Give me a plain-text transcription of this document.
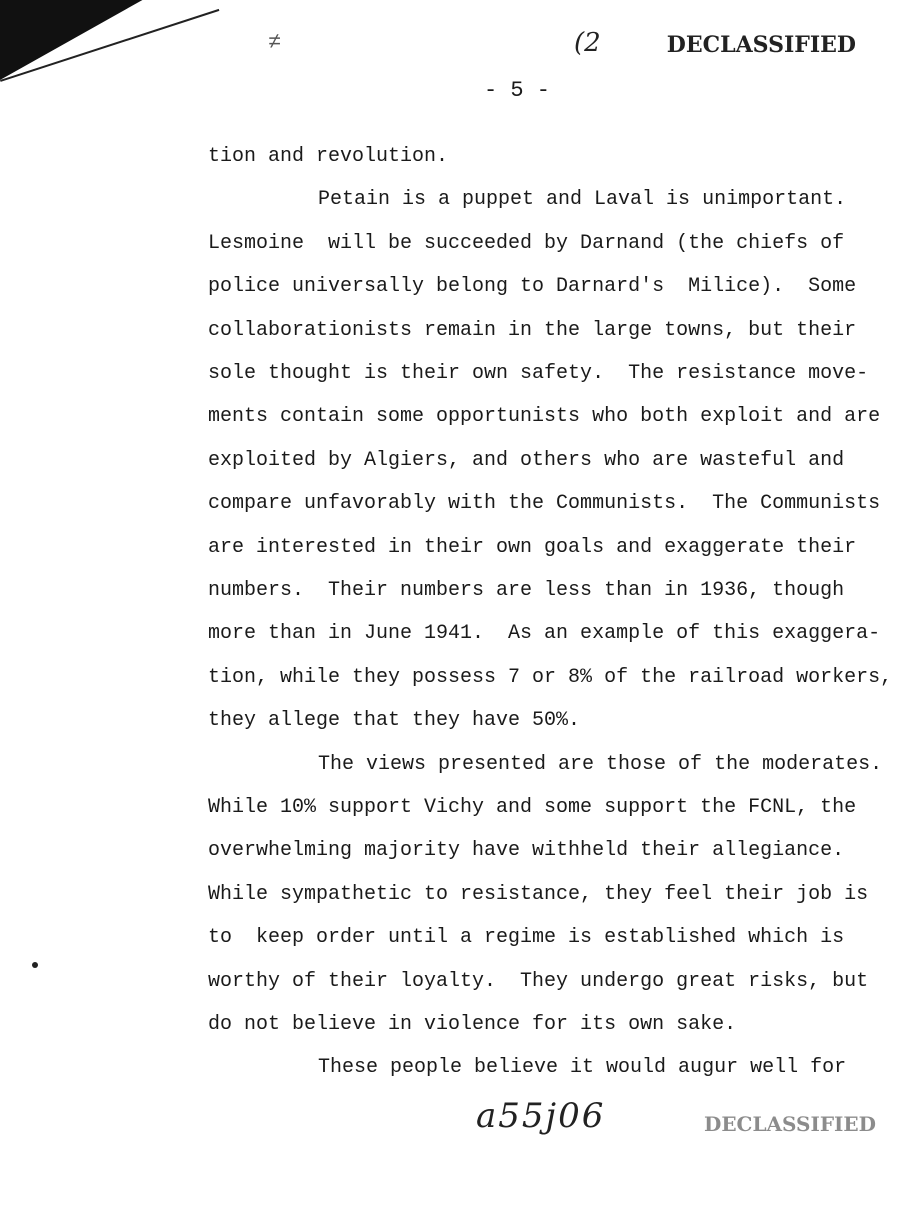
DECLASSIFIED
≠	(2
- 5 -
tion and revolution.
Petain is a puppet and Laval is unimportant.
Lesmoine  will be succeeded by Darnand (the chiefs of
police universally belong to Darnard's  Milice).  Some
collaborationists remain in the large towns, but their
sole thought is their own safety.  The resistance move-
ments contain some opportunists who both exploit and are
exploited by Algiers, and others who are wasteful and
compare unfavorably with the Communists.  The Communists
are interested in their own goals and exaggerate their
numbers.  Their numbers are less than in 1936, though
more than in June 1941.  As an example of this exaggera-
tion, while they possess 7 or 8% of the railroad workers,
they allege that they have 50%.
The views presented are those of the moderates.
While 10% support Vichy and some support the FCNL, the
overwhelming majority have withheld their allegiance.
While sympathetic to resistance, they feel their job is
to  keep order until a regime is established which is
worthy of their loyalty.  They undergo great risks, but
do not believe in violence for its own sake.
These people believe it would augur well for
a55j06	DECLASSIFIED
